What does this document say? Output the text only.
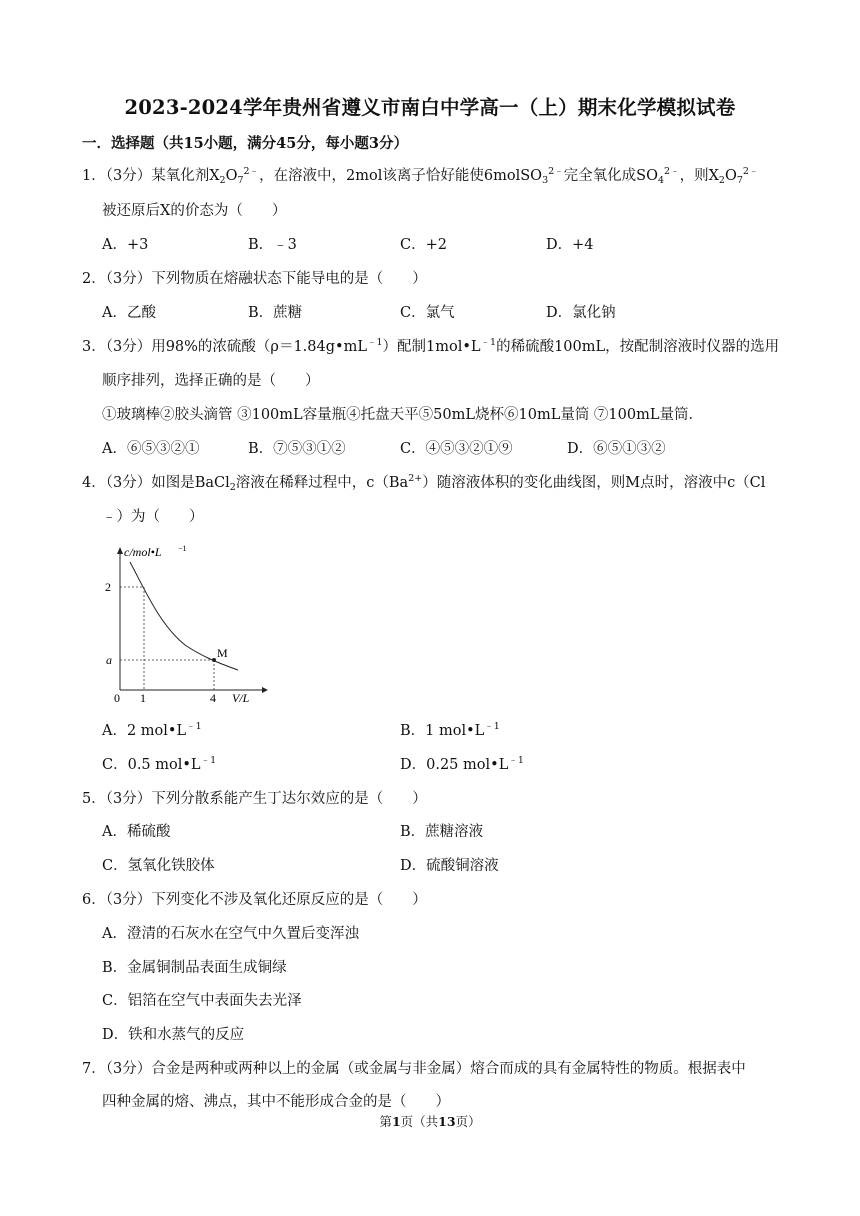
2023-2024学年贵州省遵义市南白中学高一（上）期末化学模拟试卷
一．选择题（共15小题，满分45分，每小题3分）
1．（3分）某氧化剂$X_2O_7^{2﹣}$，在溶液中，2mol该离子恰好能使6molSO$_3^{2﹣}$完全氧化成$SO_4^{2﹣}$，则$X_2O_7^{2﹣}$
被还原后X的价态为（　　）
A．+3	B．﹣3	C．+2	D．+4
2．（3分）下列物质在熔融状态下能导电的是（　　）
A．乙酸	B．蔗糖	C．氯气	D．氯化钠
3．（3分）用98%的浓硫酸$(\rho=1.84g•mL^{﹣1})$配制$1mol•L^{﹣1}$的稀硫酸100mL，按配制溶液时仪器的选用
顺序排列，选择正确的是（　　）
①玻璃棒②胶头滴管 ③100mL容量瓶④托盘天平⑤50mL烧杯⑥10mL量筒 ⑦100mL量筒．
A．⑥⑤③②①	B．⑦⑤③①②	C．④⑤③②①⑨	D．⑥⑤①③②
4．（3分）如图是BaCl$_2$溶液在稀释过程中，$c(Ba^{2+})$随溶液体积的变化曲线图，则M点时，溶液中c（Cl
﹣）为（　　）
c/mol•L −1
2
a
0 1	4 V/L
M
A．2 $mol•L^{﹣1}$	B．1 $mol•L^{﹣1}$
C．0.5 $mol•L^{﹣1}$	D．0.25 $mol•L^{﹣1}$
5．（3分）下列分散系能产生丁达尔效应的是（　　）
A．稀硫酸	B．蔗糖溶液
C．氢氧化铁胶体	D．硫酸铜溶液
6．（3分）下列变化不涉及氧化还原反应的是（　　）
A．澄清的石灰水在空气中久置后变浑浊
B．金属铜制品表面生成铜绿
C．铝箔在空气中表面失去光泽
D．铁和水蒸气的反应
7．（3分）合金是两种或两种以上的金属（或金属与非金属）熔合而成的具有金属特性的物质。根据表中
四种金属的熔、沸点，其中不能形成合金的是（　　）
第1页（共13页）
